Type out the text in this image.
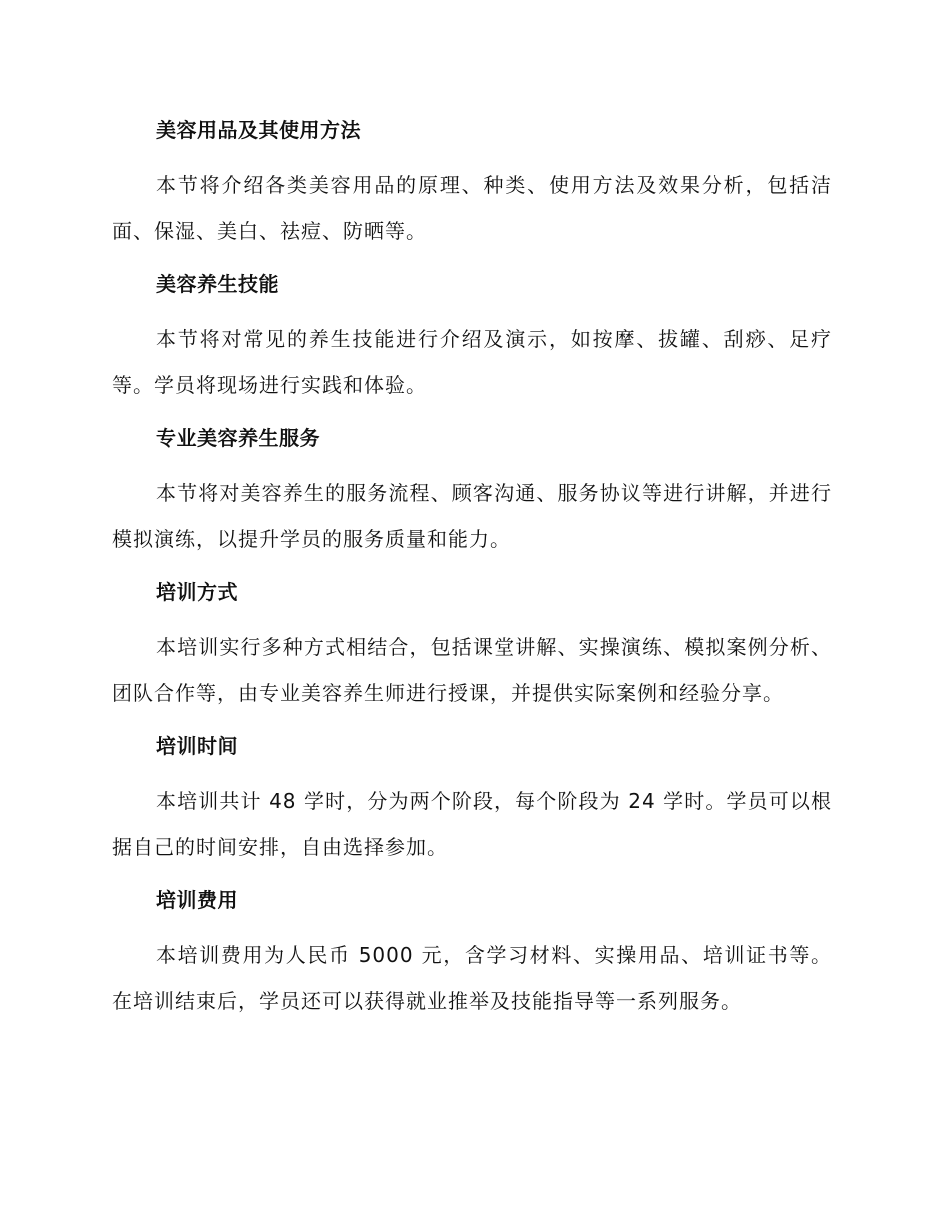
美容用品及其使用方法
本节将介绍各类美容用品的原理、种类、使用方法及效果分析，包括洁面、保湿、美白、祛痘、防晒等。
美容养生技能
本节将对常见的养生技能进行介绍及演示，如按摩、拔罐、刮痧、足疗等。学员将现场进行实践和体验。
专业美容养生服务
本节将对美容养生的服务流程、顾客沟通、服务协议等进行讲解，并进行模拟演练，以提升学员的服务质量和能力。
培训方式
本培训实行多种方式相结合，包括课堂讲解、实操演练、模拟案例分析、团队合作等，由专业美容养生师进行授课，并提供实际案例和经验分享。
培训时间
本培训共计 48 学时，分为两个阶段，每个阶段为 24 学时。学员可以根据自己的时间安排，自由选择参加。
培训费用
本培训费用为人民币 5000 元，含学习材料、实操用品、培训证书等。在培训结束后，学员还可以获得就业推举及技能指导等一系列服务。
